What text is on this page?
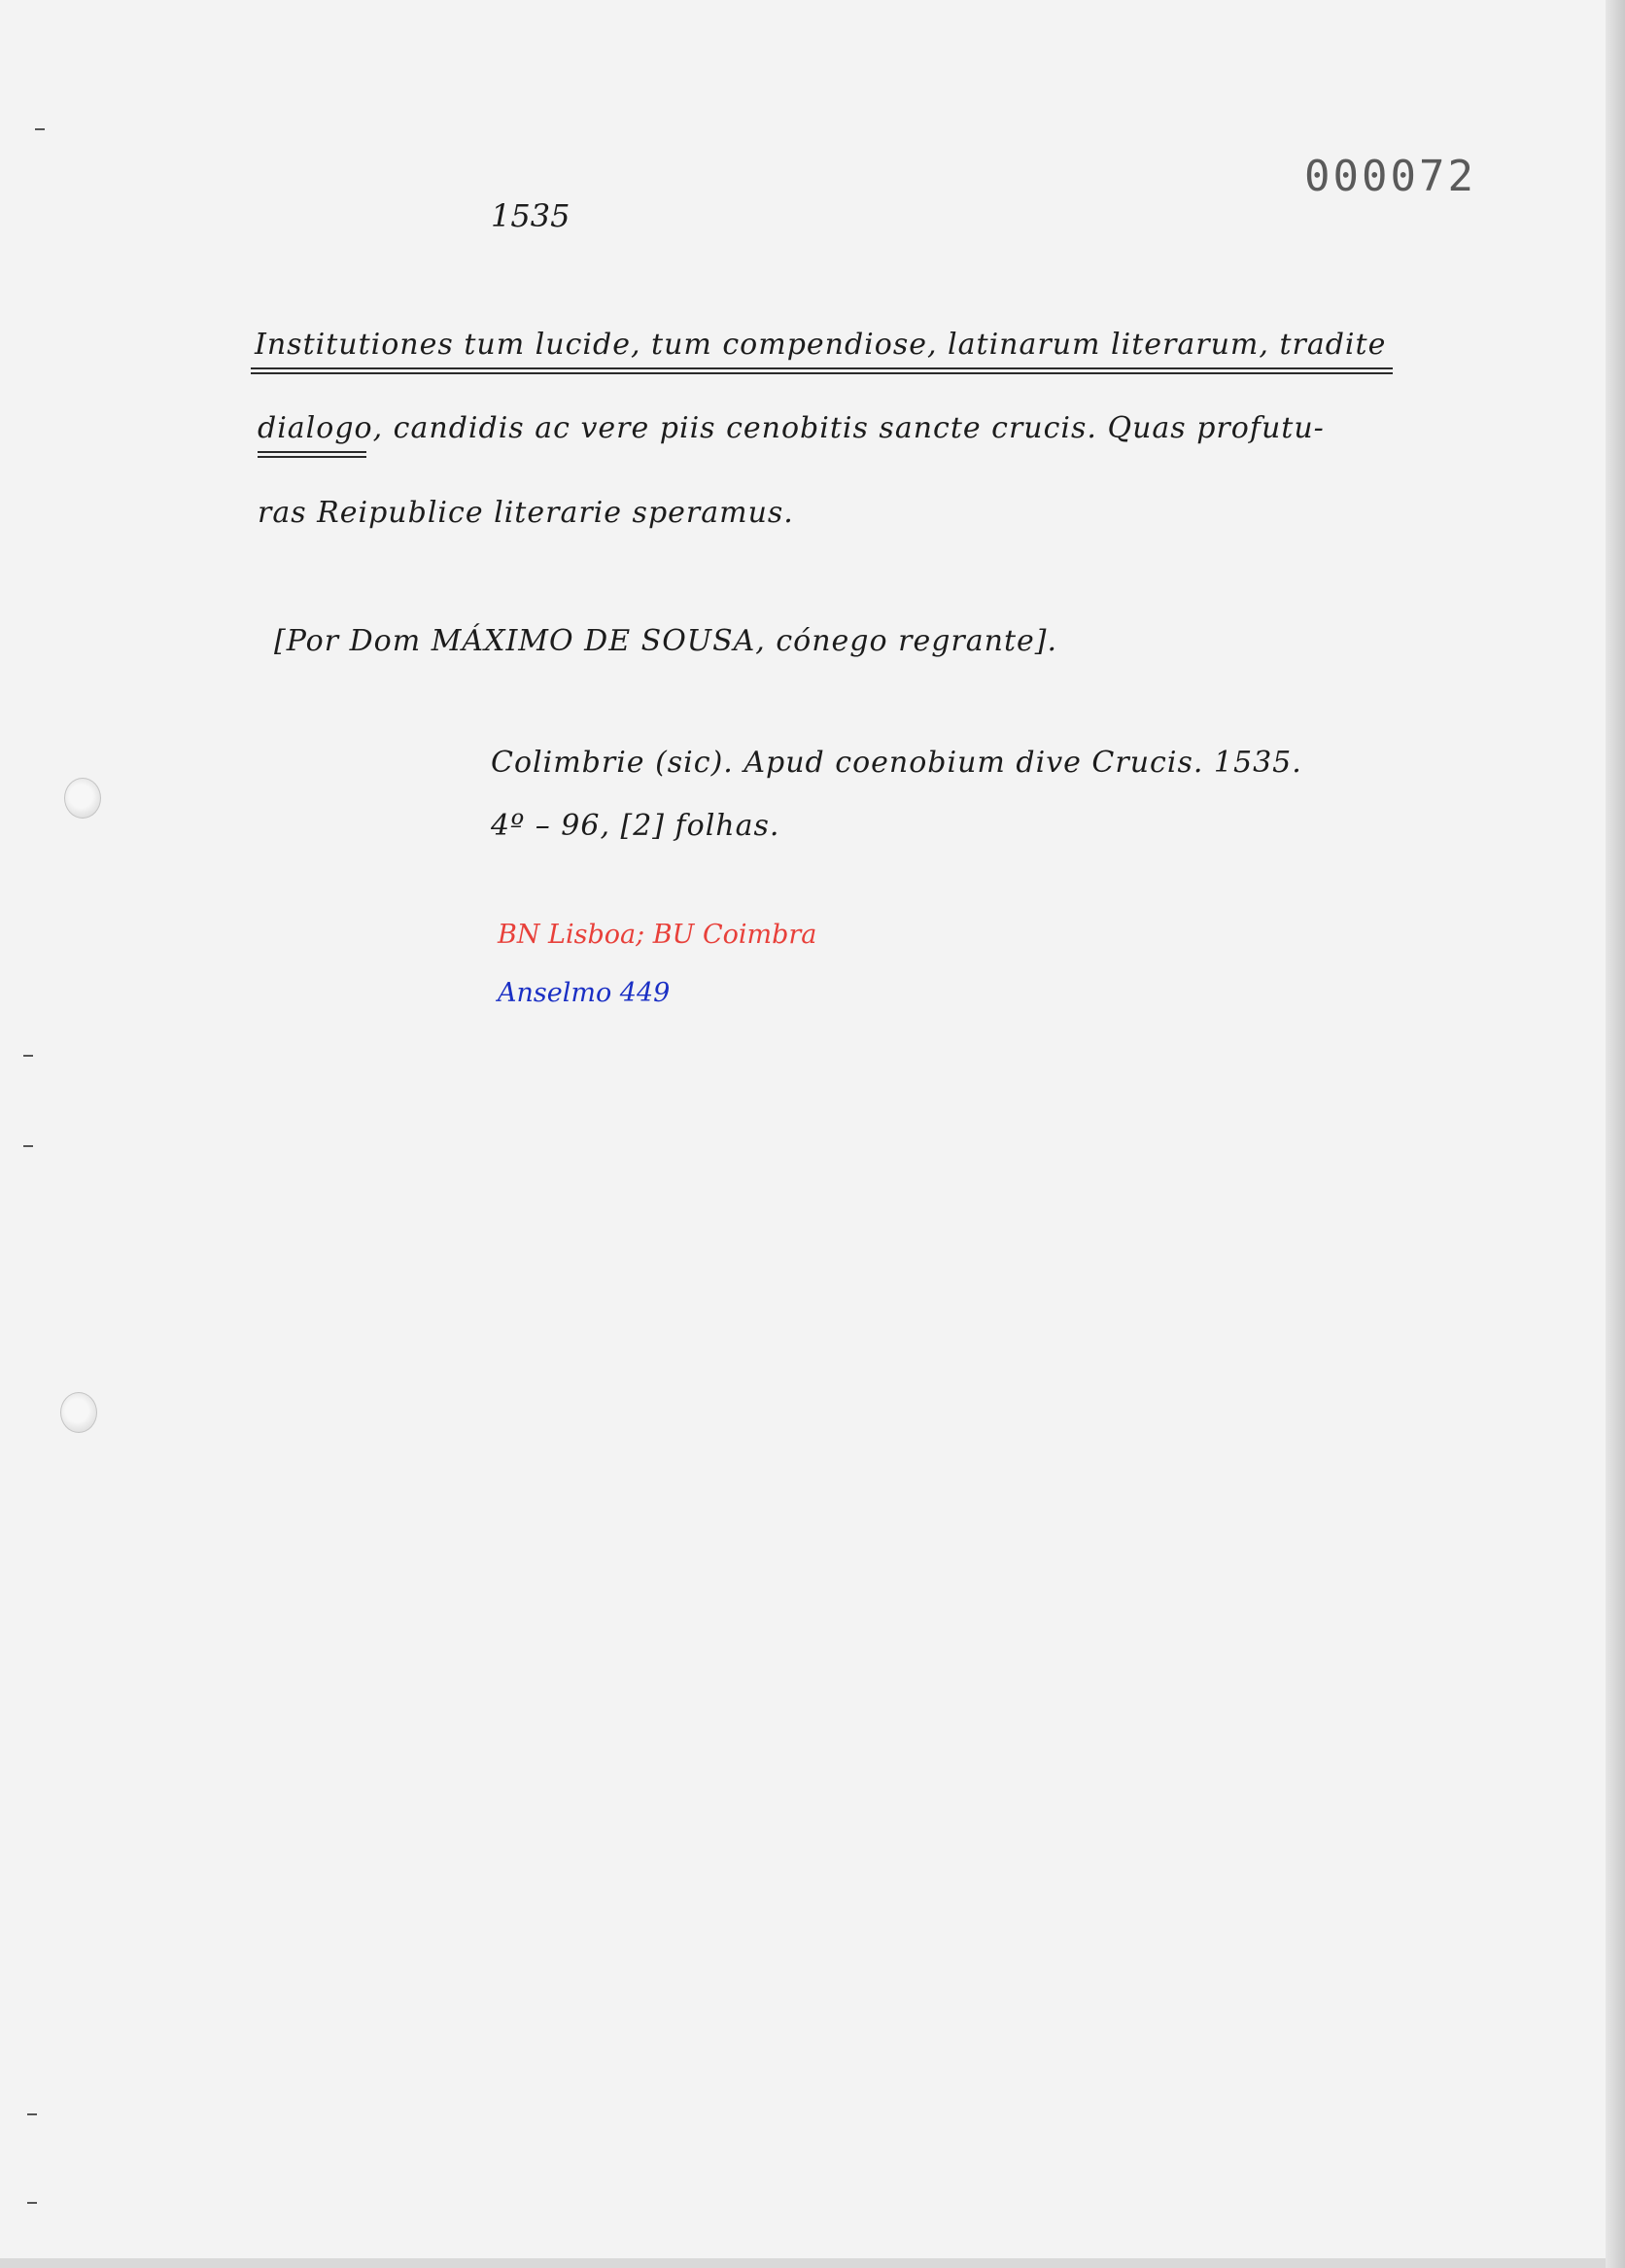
000072
1535
Institutiones tum lucide, tum compendiose, latinarum literarum, tradite
dialogo, candidis ac vere piis cenobitis sancte crucis. Quas profutu-
ras Reipublice literarie speramus.
[Por Dom MÁXIMO DE SOUSA, cónego regrante].
Colimbrie (sic). Apud coenobium dive Crucis. 1535.
4º – 96, [2] folhas.
BN Lisboa; BU Coimbra
Anselmo 449
